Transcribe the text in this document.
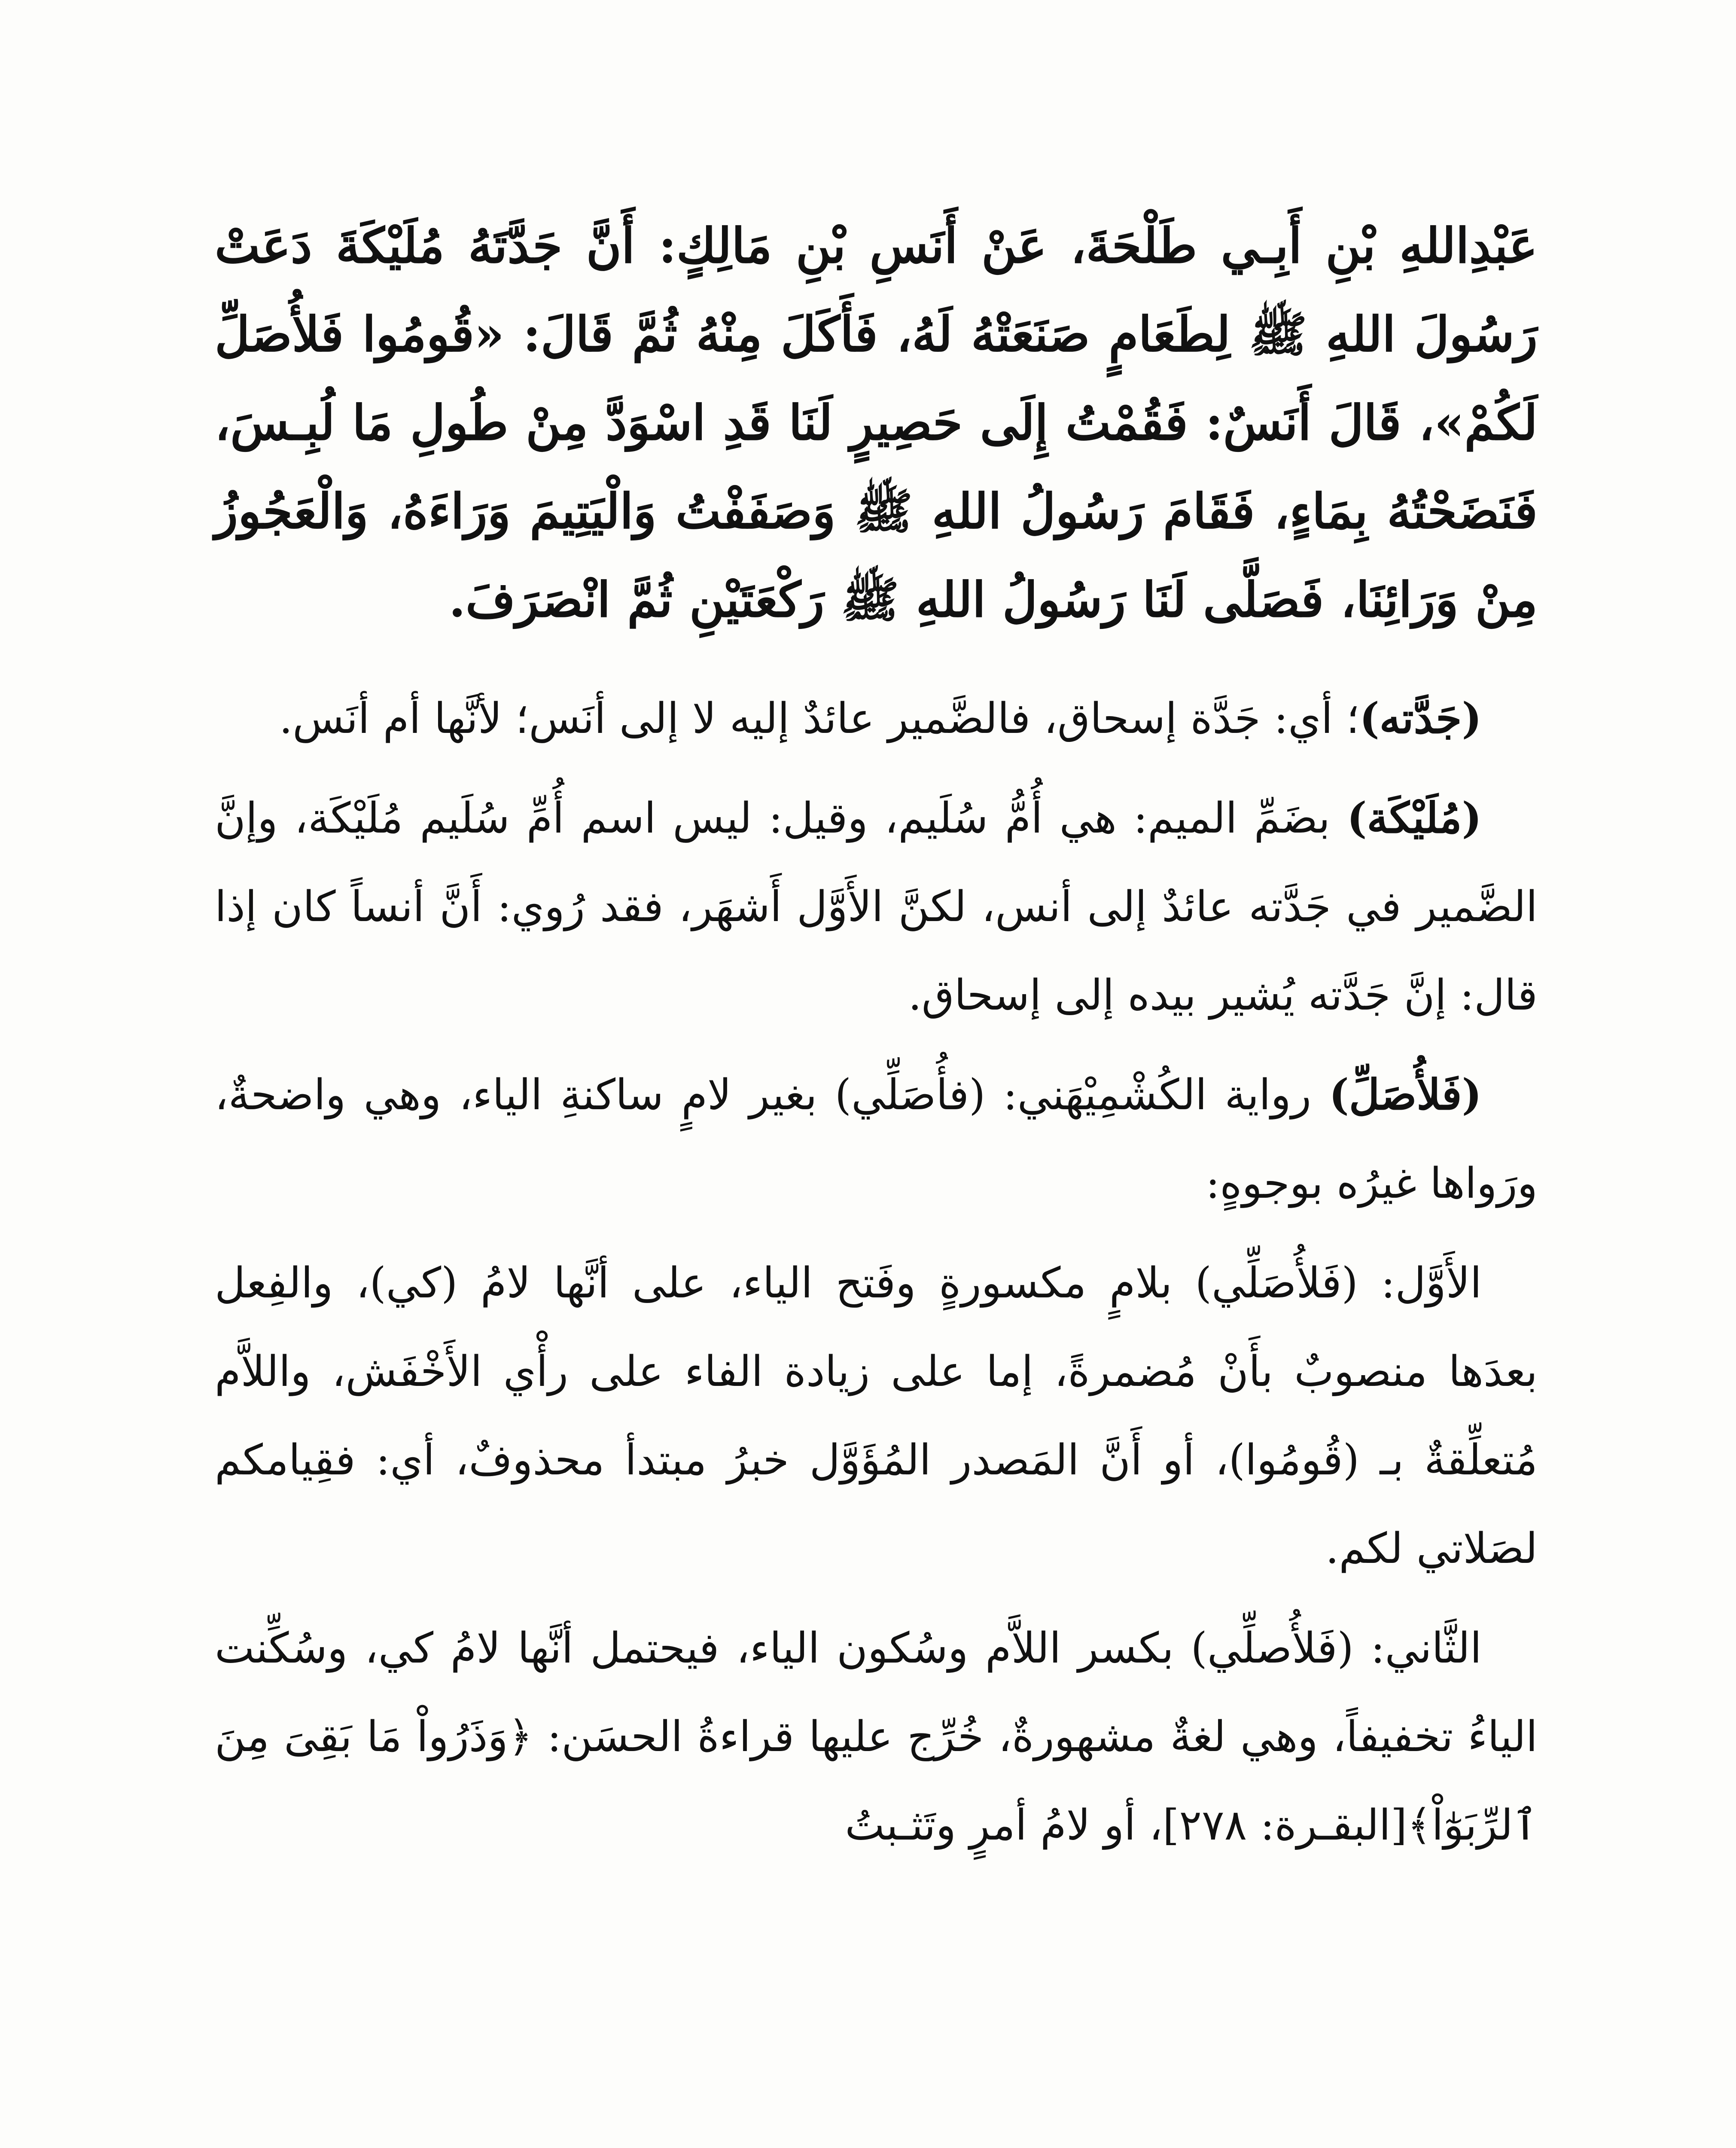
عَبْدِاللهِ بْنِ أَبِـي طَلْحَةَ، عَنْ أَنَسِ بْنِ مَالِكٍ: أَنَّ جَدَّتَهُ مُلَيْكَةَ دَعَتْ رَسُولَ اللهِ ﷺ لِطَعَامٍ صَنَعَتْهُ لَهُ، فَأَكَلَ مِنْهُ ثُمَّ قَالَ: «قُومُوا فَلأُصَلِّ لَكُمْ»، قَالَ أَنَسٌ: فَقُمْتُ إِلَى حَصِيرٍ لَنَا قَدِ اسْوَدَّ مِنْ طُولِ مَا لُبِـسَ، فَنَضَحْتُهُ بِمَاءٍ، فَقَامَ رَسُولُ اللهِ ﷺ وَصَفَفْتُ وَالْيَتِيمَ وَرَاءَهُ، وَالْعَجُوزُ مِنْ وَرَائِنَا، فَصَلَّى لَنَا رَسُولُ اللهِ ﷺ رَكْعَتَيْنِ ثُمَّ انْصَرَفَ.

(جَدَّته)؛ أي: جَدَّة إسحاق، فالضَّمير عائدٌ إليه لا إلى أنَس؛ لأنَّها أم أنَس.

(مُلَيْكَة) بضَمِّ الميم: هي أُمُّ سُلَيم، وقيل: ليس اسم أُمِّ سُلَيم مُلَيْكَة، وإنَّ الضَّمير في جَدَّته عائدٌ إلى أنس، لكنَّ الأَوَّل أَشهَر، فقد رُوي: أَنَّ أنساً كان إذا قال: إنَّ جَدَّته يُشير بيده إلى إسحاق.

(فَلأُصَلِّ) رواية الكُشْمِيْهَني: (فأُصَلِّي) بغير لامٍ ساكنةِ الياء، وهي واضحةٌ، ورَواها غيرُه بوجوهٍ:

الأَوَّل: (فَلأُصَلِّي) بلامٍ مكسورةٍ وفَتح الياء، على أنَّها لامُ (كي)، والفِعل بعدَها منصوبٌ بأَنْ مُضمرةً، إما على زيادة الفاء على رأْي الأَخْفَش، واللاَّم مُتعلِّقةٌ بـ (قُومُوا)، أو أَنَّ المَصدر المُؤَوَّل خبرُ مبتدأ محذوفٌ، أي: فقِيامكم لصَلاتي لكم.

الثَّاني: (فَلأُصلِّي) بكسر اللاَّم وسُكون الياء، فيحتمل أنَّها لامُ كي، وسُكِّنت الياءُ تخفيفاً، وهي لغةٌ مشهورةٌ، خُرِّج عليها قراءةُ الحسَن: ﴿وَذَرُواْ مَا بَقِىَ مِنَ ٱلرِّبَوٰٓاْ﴾[البقـرة: ٢٧٨]، أو لامُ أمرٍ وتَثـبتُ
